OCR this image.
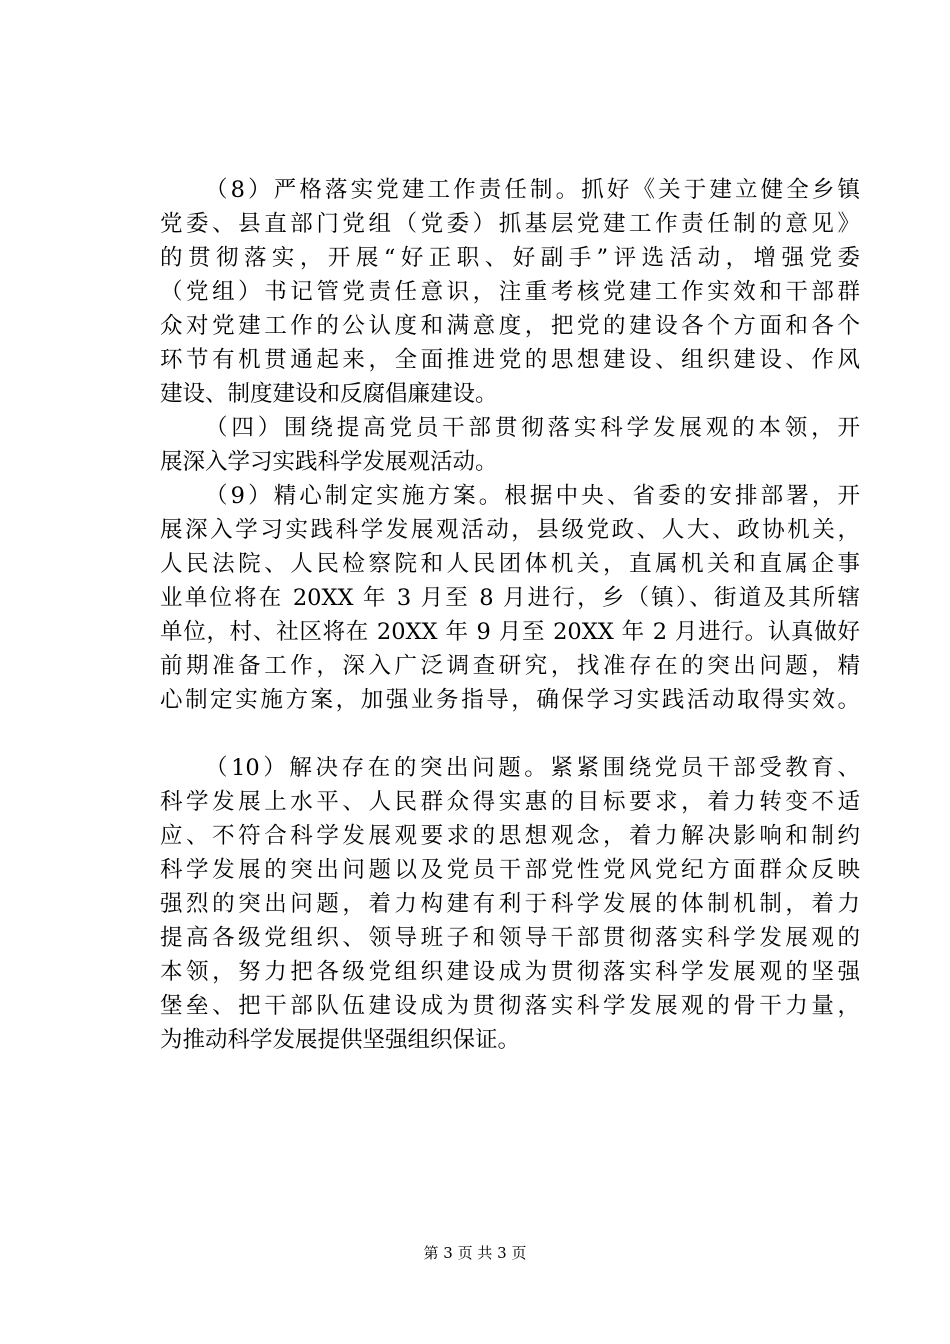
（8）严格落实党建工作责任制。抓好《关于建立健全乡镇
党委、县直部门党组（党委）抓基层党建工作责任制的意见》
的贯彻落实，开展“好正职、好副手”评选活动，增强党委
（党组）书记管党责任意识，注重考核党建工作实效和干部群
众对党建工作的公认度和满意度，把党的建设各个方面和各个
环节有机贯通起来，全面推进党的思想建设、组织建设、作风
建设、制度建设和反腐倡廉建设。
（四）围绕提高党员干部贯彻落实科学发展观的本领，开
展深入学习实践科学发展观活动。
（9）精心制定实施方案。根据中央、省委的安排部署，开
展深入学习实践科学发展观活动，县级党政、人大、政协机关，
人民法院、人民检察院和人民团体机关，直属机关和直属企事
业单位将在 20XX 年 3 月至 8 月进行，乡（镇）、街道及其所辖
单位，村、社区将在 20XX 年 9 月至 20XX 年 2 月进行。认真做好
前期准备工作，深入广泛调查研究，找准存在的突出问题，精
心制定实施方案，加强业务指导，确保学习实践活动取得实效。
（10）解决存在的突出问题。紧紧围绕党员干部受教育、
科学发展上水平、人民群众得实惠的目标要求，着力转变不适
应、不符合科学发展观要求的思想观念，着力解决影响和制约
科学发展的突出问题以及党员干部党性党风党纪方面群众反映
强烈的突出问题，着力构建有利于科学发展的体制机制，着力
提高各级党组织、领导班子和领导干部贯彻落实科学发展观的
本领，努力把各级党组织建设成为贯彻落实科学发展观的坚强
堡垒、把干部队伍建设成为贯彻落实科学发展观的骨干力量，
为推动科学发展提供坚强组织保证。
第 3 页 共 3 页
